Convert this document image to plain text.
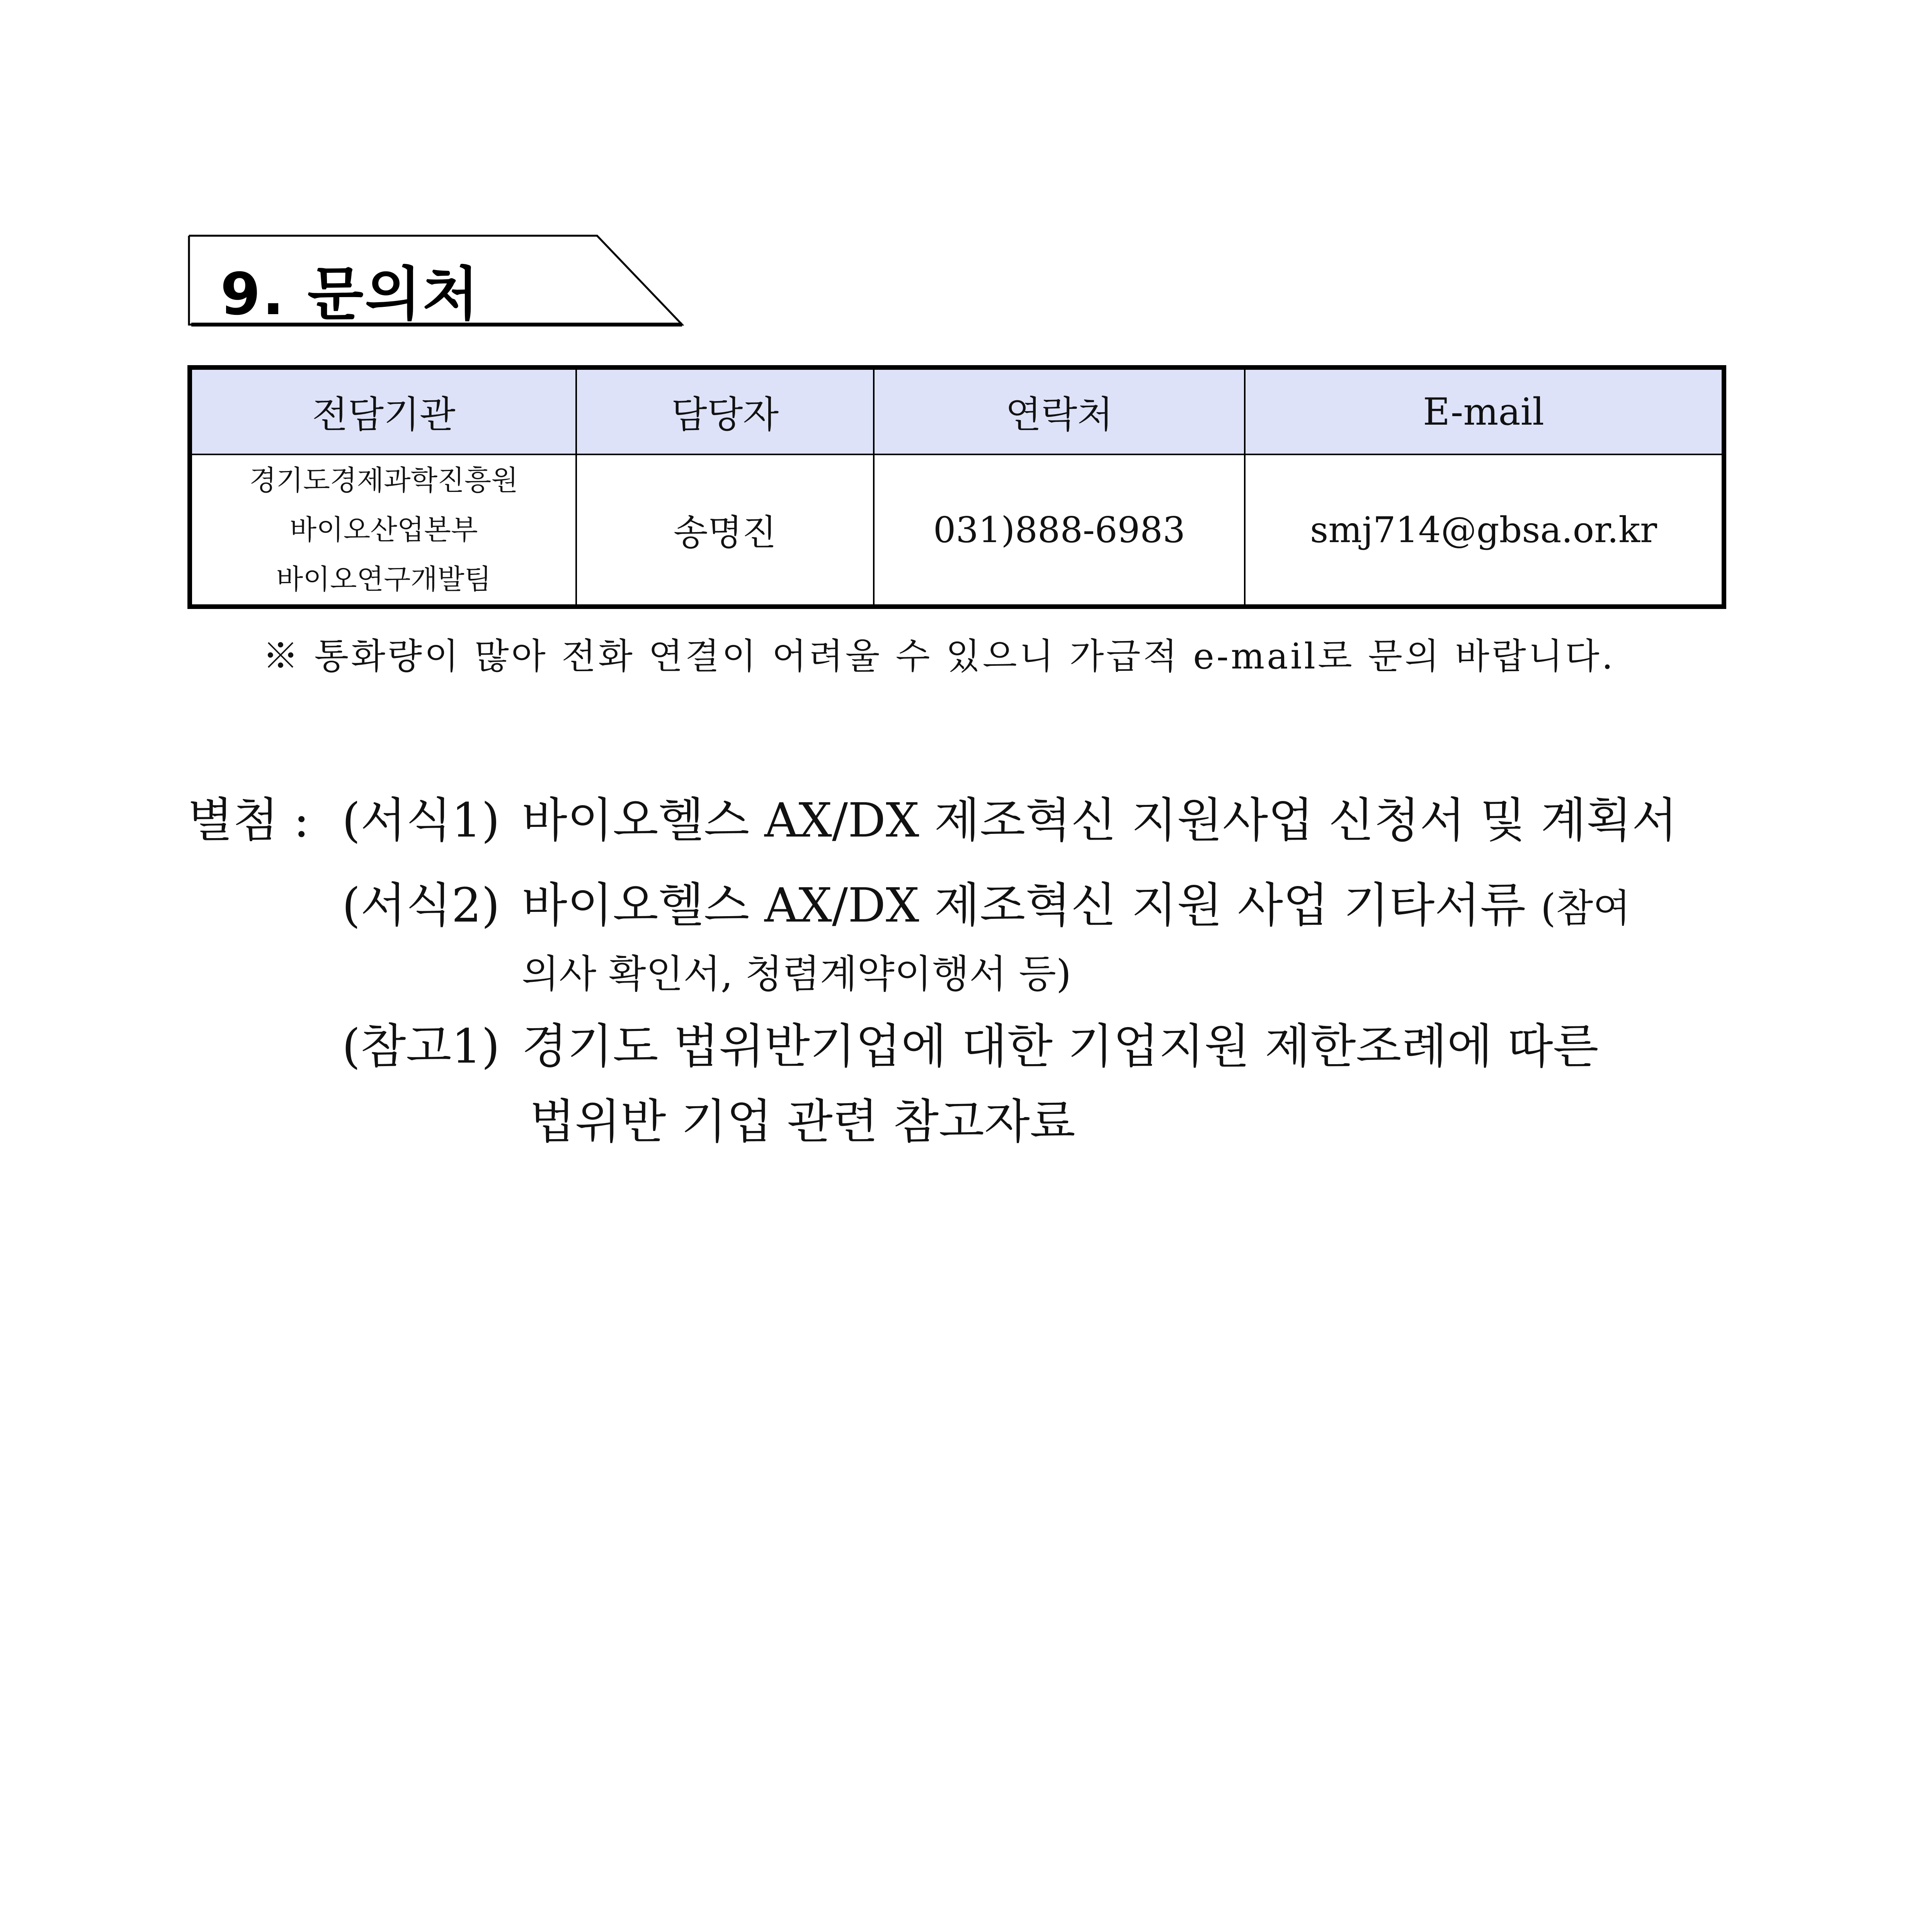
9. 문의처
전담기관	담당자	연락처	E-mail

경기도경제과학진흥원
바이오산업본부
바이오연구개발팀	송명진	031)888-6983	smj714@gbsa.or.kr
※ 통화량이 많아 전화 연결이 어려울 수 있으니 가급적 e-mail로 문의 바랍니다.
별첨 : (서식1) 바이오헬스 AX/DX 제조혁신 지원사업 신청서 및 계획서
(서식2) 바이오헬스 AX/DX 제조혁신 지원 사업 기타서류 (참여
의사 확인서, 청렴계약이행서 등)
(참고1) 경기도 법위반기업에 대한 기업지원 제한조례에 따른
법위반 기업 관련 참고자료
